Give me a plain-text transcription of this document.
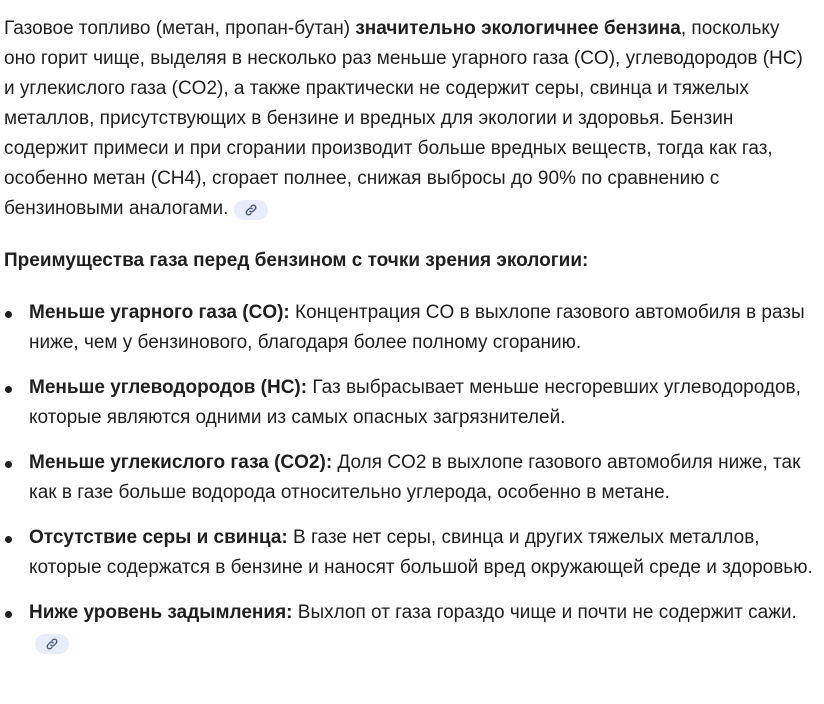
Газовое топливо (метан, пропан-бутан) значительно экологичнее бензина, поскольку оно горит чище, выделяя в несколько раз меньше угарного газа (CO), углеводородов (HC) и углекислого газа (CO2), а также практически не содержит серы, свинца и тяжелых металлов, присутствующих в бензине и вредных для экологии и здоровья. Бензин содержит примеси и при сгорании производит больше вредных веществ, тогда как газ, особенно метан (CH4), сгорает полнее, снижая выбросы до 90% по сравнению с бензиновыми аналогами.

Преимущества газа перед бензином с точки зрения экологии:

Меньше угарного газа (CO): Концентрация CO в выхлопе газового автомобиля в разы ниже, чем у бензинового, благодаря более полному сгоранию.
Меньше углеводородов (HC): Газ выбрасывает меньше несгоревших углеводородов, которые являются одними из самых опасных загрязнителей.
Меньше углекислого газа (CO2): Доля CO2 в выхлопе газового автомобиля ниже, так как в газе больше водорода относительно углерода, особенно в метане.
Отсутствие серы и свинца: В газе нет серы, свинца и других тяжелых металлов, которые содержатся в бензине и наносят большой вред окружающей среде и здоровью.
Ниже уровень задымления: Выхлоп от газа гораздо чище и почти не содержит сажи.
